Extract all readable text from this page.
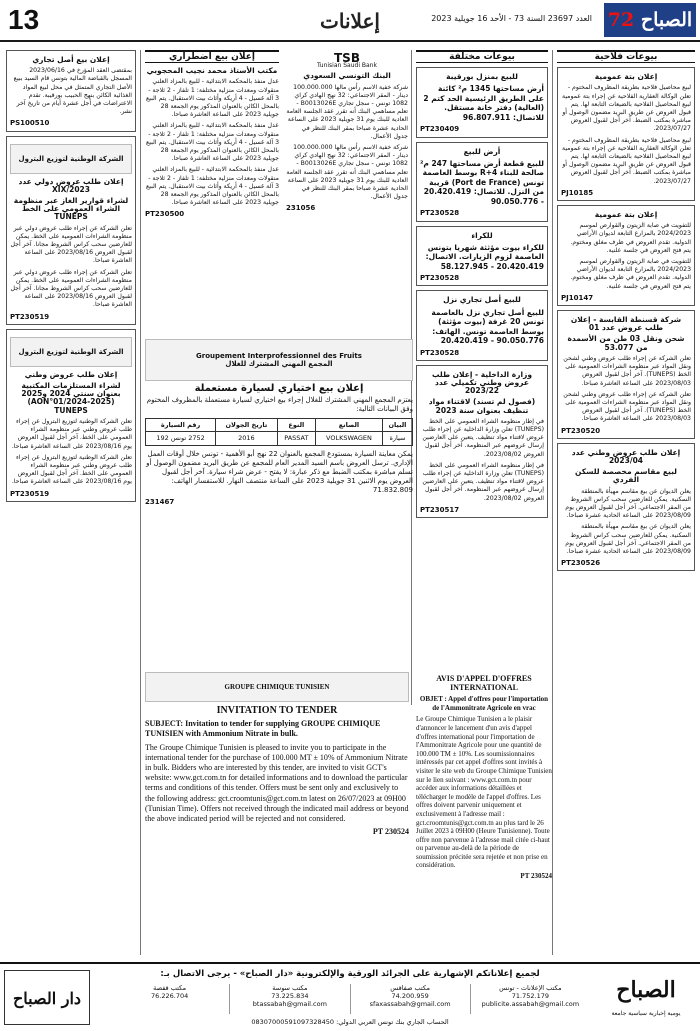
72 الصباح
العدد 23697 السنة 73 - الأحد 16 جويلية 2023
إعلانات
13
بيوعات فلاحية
إعلان بتة عمومية

لبيع محاصيل فلاحية بطريقة المظروف المختوم - تعلن الوكالة العقارية الفلاحية عن إجراء بتة عمومية لبيع المحاصيل الفلاحية بالضيعات التابعة لها. يتم قبول العروض عن طريق البريد مضمون الوصول أو مباشرة بمكتب الضبط. آخر أجل لقبول العروض 2023/07/27.

لبيع محاصيل فلاحية بطريقة المظروف المختوم - تعلن الوكالة العقارية الفلاحية عن إجراء بتة عمومية لبيع المحاصيل الفلاحية بالضيعات التابعة لها. يتم قبول العروض عن طريق البريد مضمون الوصول أو مباشرة بمكتب الضبط. آخر أجل لقبول العروض 2023/07/27.

PJ10185
إعلان بتة عمومية

للتفويت في صابة الزيتون والقوارص لموسم 2024/2023 بالمزارع التابعة لديوان الأراضي الدولية. تقدم العروض في ظرف مغلق ومختوم. يتم فتح العروض في جلسة علنية.

للتفويت في صابة الزيتون والقوارص لموسم 2024/2023 بالمزارع التابعة لديوان الأراضي الدولية. تقدم العروض في ظرف مغلق ومختوم. يتم فتح العروض في جلسة علنية.

PJ10147
شركة قسنطة القابسة - إعلان طلب عروض عدد 01
شحن ونقل 03 طن من الأسمدة من 53.077

تعلن الشركة عن إجراء طلب عروض وطني لشحن ونقل المواد عبر منظومة الشراءات العمومية على الخط (TUNEPS). آخر أجل لقبول العروض 2023/08/03 على الساعة العاشرة صباحا.

تعلن الشركة عن إجراء طلب عروض وطني لشحن ونقل المواد عبر منظومة الشراءات العمومية على الخط (TUNEPS). آخر أجل لقبول العروض 2023/08/03 على الساعة العاشرة صباحا.

PT230520
إعلان طلب عروض وطني عدد 2023/04
لبيع مقاسم مخصصة للسكن الفردي

يعلن الديوان عن بيع مقاسم مهيأة بالمنطقة السكنية. يمكن للعارضين سحب كراس الشروط من المقر الاجتماعي. آخر أجل لقبول العروض يوم 2023/08/09 على الساعة الحادية عشرة صباحا.

يعلن الديوان عن بيع مقاسم مهيأة بالمنطقة السكنية. يمكن للعارضين سحب كراس الشروط من المقر الاجتماعي. آخر أجل لقبول العروض يوم 2023/08/09 على الساعة الحادية عشرة صباحا.

PT230526
بيوعات مختلفة
للبيع بمنزل بورقيبة

أرض مساحتها 1345 م² كائنة على الطريق الرئيسية الحد كتم 2 (العالية) دفتر خانة مستقل. للاتصال: 96.807.911

PT230409
أرض للبيع

للبيع قطعة أرض مساحتها 247 م² صالحة للبناء R+4 بوسط العاصمة تونس (Port de France) قريبة من النزل. للاتصال: 20.420.419 - 90.050.776

PT230528
للكراء

للكراء بيوت مؤثثة شهريا بتونس العاصمة لزوم الزيارات. الاتصال: 20.420.419 - 58.127.945

PT230528
للبيع أصل تجاري نزل

للبيع أصل تجاري نزل بالعاصمة تونس 20 غرفة (بيوت مؤثثة) بوسط العاصمة تونس. الهاتف: 90.050.776 - 20.420.419

PT230528
وزارة الداخلية - إعلان طلب عروض وطني تكميلي عدد 2023/22
(فصول لم تسند) لاقتناء مواد تنظيف بعنوان سنة 2023

في إطار منظومة الشراء العمومي على الخط (TUNEPS) تعلن وزارة الداخلية عن إجراء طلب عروض لاقتناء مواد تنظيف. يتعين على العارضين إرسال عروضهم عبر المنظومة. آخر أجل لقبول العروض 2023/08/02.

في إطار منظومة الشراء العمومي على الخط (TUNEPS) تعلن وزارة الداخلية عن إجراء طلب عروض لاقتناء مواد تنظيف. يتعين على العارضين إرسال عروضهم عبر المنظومة. آخر أجل لقبول العروض 2023/08/02.

PT230517
TSB
Tunisian Saudi Bank
البنك التونسي السعودي

شركة خفية الاسم رأس مالها 100.000.000 دينار - المقر الاجتماعي: 32 نهج الهادي كراي 1082 تونس - سجل تجاري B0013026E - تعلم مساهمي البنك أنه تقرر عقد الجلسة العامة العادية للبنك يوم 31 جويلية 2023 على الساعة الحادية عشرة صباحا بمقر البنك للنظر في جدول الأعمال.

شركة خفية الاسم رأس مالها 100.000.000 دينار - المقر الاجتماعي: 32 نهج الهادي كراي 1082 تونس - سجل تجاري B0013026E - تعلم مساهمي البنك أنه تقرر عقد الجلسة العامة العادية للبنك يوم 31 جويلية 2023 على الساعة الحادية عشرة صباحا بمقر البنك للنظر في جدول الأعمال.

231056
Groupement Interprofessionnel des Fruits
المجمع المهني المشترك للغلال
إعلان بيع اختياري لسيارة مستعملة

يعتزم المجمع المهني المشترك للغلال إجراء بيع اختياري لسيارة مستعملة بالمظروف المختوم وفق البيانات التالية:

البيان	الصانع	النوع	تاريخ الجولان	رقم السيارة
سيارة	VOLKSWAGEN	PASSAT	2016	2752 تونس 192

يمكن معاينة السيارة بمستودع المجمع بالعنوان 22 نهج أبو الأهمية - تونس خلال أوقات العمل الإداري. ترسل العروض باسم السيد المدير العام للمجمع عن طريق البريد مضمون الوصول أو تسلم مباشرة بمكتب الضبط مع ذكر عبارة: لا يفتح - عرض شراء سيارة. آخر أجل لقبول العروض يوم الاثنين 31 جويلية 2023 على الساعة منتصف النهار. للاستفسار الهاتف: 71.832.809

231467
إعلان بيع اضطراري
مكتب الأستاذ محمد نجيب المحجوبي

عدل منفذ بالمحكمة الابتدائية - للبيع بالمزاد العلني منقولات ومعدات منزلية مختلفة: 1 تلفاز - 2 ثلاجة - 3 آلة غسيل - 4 أريكة وأثاث بيت الاستقبال. يتم البيع بالمحل الكائن بالعنوان المذكور يوم الجمعة 28 جويلية 2023 على الساعة العاشرة صباحا.

عدل منفذ بالمحكمة الابتدائية - للبيع بالمزاد العلني منقولات ومعدات منزلية مختلفة: 1 تلفاز - 2 ثلاجة - 3 آلة غسيل - 4 أريكة وأثاث بيت الاستقبال. يتم البيع بالمحل الكائن بالعنوان المذكور يوم الجمعة 28 جويلية 2023 على الساعة العاشرة صباحا.

عدل منفذ بالمحكمة الابتدائية - للبيع بالمزاد العلني منقولات ومعدات منزلية مختلفة: 1 تلفاز - 2 ثلاجة - 3 آلة غسيل - 4 أريكة وأثاث بيت الاستقبال. يتم البيع بالمحل الكائن بالعنوان المذكور يوم الجمعة 28 جويلية 2023 على الساعة العاشرة صباحا.

PT230500
إعلان بيع أصل تجاري

بمقتضى العقد المؤرخ في 2023/06/16 المسجل بالقباضة المالية بتونس قام السيد ببيع الأصل التجاري المتمثل في محل لبيع المواد الغذائية الكائن بنهج الحبيب بورقيبة. تقدم الاعتراضات في أجل عشرة أيام من تاريخ آخر نشر.

PS100510
الشركة الوطنية لتوزيع البترول
إعلان طلب عروض دولي عدد 2023/XIX
لشراء قوارير الغاز عبر منظومة الشراء العمومي على الخط TUNEPS

تعلن الشركة عن إجراء طلب عروض دولي عبر منظومة الشراءات العمومية على الخط. يمكن للعارضين سحب كراس الشروط مجانا. آخر أجل لقبول العروض 2023/08/16 على الساعة العاشرة صباحا.

تعلن الشركة عن إجراء طلب عروض دولي عبر منظومة الشراءات العمومية على الخط. يمكن للعارضين سحب كراس الشروط مجانا. آخر أجل لقبول العروض 2023/08/16 على الساعة العاشرة صباحا.

PT230519
الشركة الوطنية لتوزيع البترول
إعلان طلب عروض وطني
لشراء المستلزمات المكتبية بعنوان سنتي 2024 و2025 (AON°01/2024-2025) TUNEPS

تعلن الشركة الوطنية لتوزيع البترول عن إجراء طلب عروض وطني عبر منظومة الشراء العمومي على الخط. آخر أجل لقبول العروض يوم 2023/08/16 على الساعة العاشرة صباحا.

تعلن الشركة الوطنية لتوزيع البترول عن إجراء طلب عروض وطني عبر منظومة الشراء العمومي على الخط. آخر أجل لقبول العروض يوم 2023/08/16 على الساعة العاشرة صباحا.

PT230519
GROUPE CHIMIQUE TUNISIEN
INVITATION TO TENDER

SUBJECT: Invitation to tender for supplying GROUPE CHIMIQUE TUNISIEN with Ammonium Nitrate in bulk.

The Groupe Chimique Tunisien is pleased to invite you to participate in the international tender for the purchase of 100.000 MT ± 10% of Ammonium Nitrate in bulk. Bidders who are interested by this tender, are invited to visit GCT's website: www.gct.com.tn for detailed informations and to download the particular terms and conditions of this tender. Offers must be sent only and exclusively to the following address: gct.croomtunis@gct.com.tn latest on 26/07/2023 at 09H00 (Tunisian Time). Offers not received through the indicated mail address or beyond the above indicated period will be rejected and not considered.

PT 230524
AVIS D'APPEL D'OFFRES INTERNATIONAL

OBJET : Appel d'offres pour l'importation de l'Ammonitrate Agricole en vrac

Le Groupe Chimique Tunisien a le plaisir d'annoncer le lancement d'un avis d'appel d'offres international pour l'importation de l'Ammonitrate Agricole pour une quantité de 100.000 TM ± 10%. Les soumissionnaires intéressés par cet appel d'offres sont invités à visiter le site web du Groupe Chimique Tunisien sur le lien suivant : www.gct.com.tn pour accéder aux informations détaillées et télécharger le modèle de l'appel d'offres. Les offres doivent parvenir uniquement et exclusivement à l'adresse mail : gct.croomtunis@gct.com.tn au plus tard le 26 Juillet 2023 à 09H00 (Heure Tunisienne). Toute offre non parvenue à l'adresse mail citée ci-haut ou parvenue au-delà de la période de soumission précitée sera rejetée et non prise en considération.

PT 230524
الصباح
يومية إخبارية سياسية جامعة
لجميع إعلاناتكم الإشهارية على الجرائد الورقية والإلكترونية «دار الصباح» - يرجى الاتصال بـ:
مكتب الإعلانات - تونس
71.752.179
publicite.assabah@gmail.com
مكتب صفاقس
74.200.959
sfaxassabah@gmail.com
مكتب سوسة
73.225.834
btassabah@gmail.com
مكتب قفصة
76.226.704
الحساب الجاري بنك تونس العربي الدولي: 08307000591097328450
دار الصباح
